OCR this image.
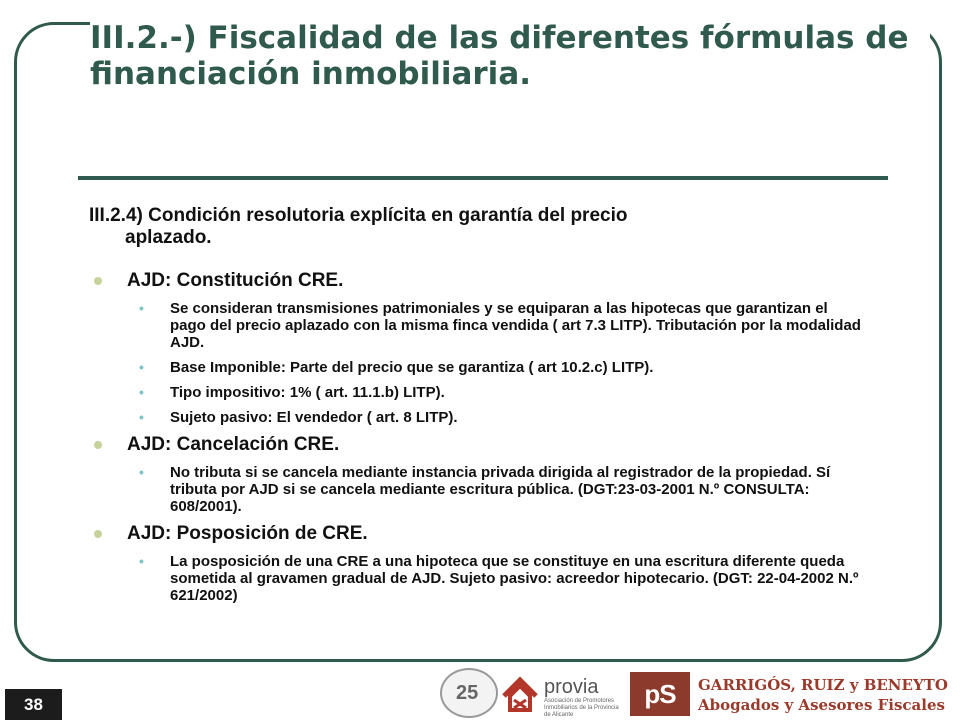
III.2.-) Fiscalidad de las diferentes fórmulas de financiación inmobiliaria.

III.2.4) Condición resolutoria explícita en garantía del precio
aplazado.

AJD: Constitución CRE.
• Se consideran transmisiones patrimoniales y se equiparan a las hipotecas que garantizan el pago del precio aplazado con la misma finca vendida ( art 7.3 LITP). Tributación por la modalidad AJD.
• Base Imponible: Parte del precio que se garantiza ( art 10.2.c) LITP).
• Tipo impositivo: 1% ( art. 11.1.b) LITP).
• Sujeto pasivo: El vendedor ( art. 8 LITP).
AJD: Cancelación CRE.
• No tributa si se cancela mediante instancia privada dirigida al registrador de la propiedad. Sí tributa por AJD si se cancela mediante escritura pública. (DGT:23-03-2001 N.º CONSULTA: 608/2001).
AJD: Posposición de CRE.
• La posposición de una CRE a una hipoteca que se constituye en una escritura diferente queda sometida al gravamen gradual de AJD. Sujeto pasivo: acreedor hipotecario. (DGT: 22-04-2002 N.º 621/2002)
38
25	provia
Asociación de Promotores Inmobiliarios de la Provincia de Alicante
pS	GARRIGÓS, RUIZ y BENEYTO
Abogados y Asesores Fiscales
